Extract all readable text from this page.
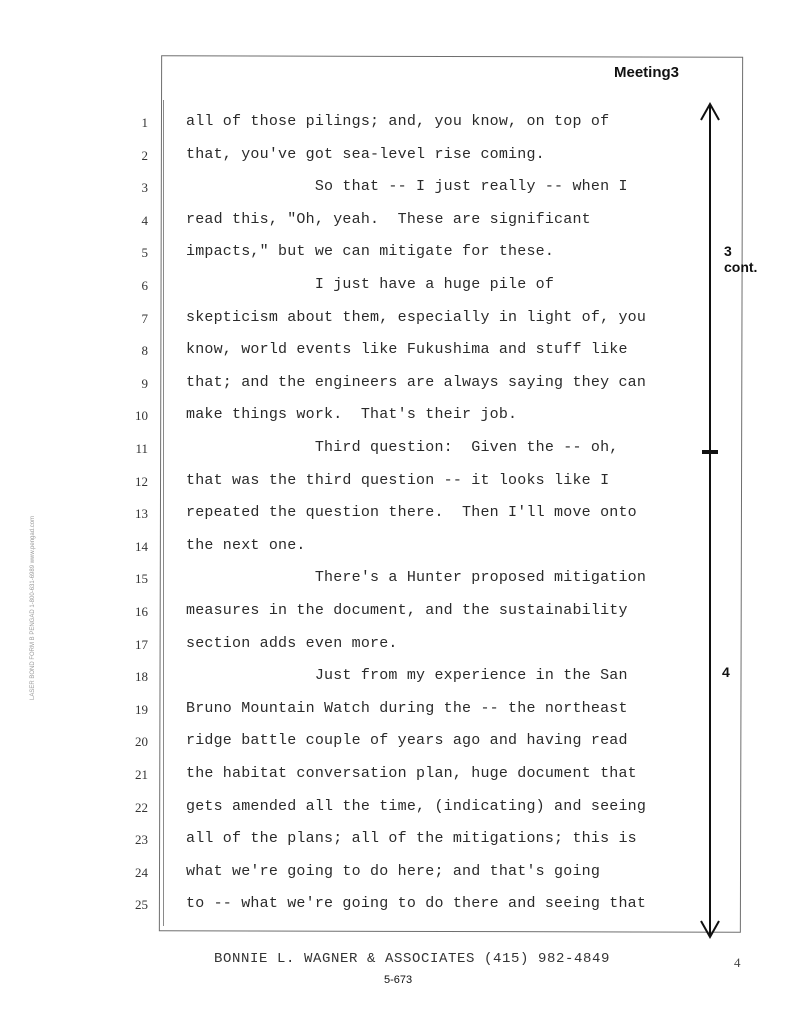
Meeting3
LASER BOND FORM B PENGAD 1-800-631-6989 www.pengad.com
1	all of those pilings; and, you know, on top of
2	that, you've got sea-level rise coming.
3	So that -- I just really -- when I
4	read this, "Oh, yeah.  These are significant
5	impacts," but we can mitigate for these.
6	I just have a huge pile of
7	skepticism about them, especially in light of, you
8	know, world events like Fukushima and stuff like
9	that; and the engineers are always saying they can
10	make things work.  That's their job.
11	Third question:  Given the -- oh,
12	that was the third question -- it looks like I
13	repeated the question there.  Then I'll move onto
14	the next one.
15	There's a Hunter proposed mitigation
16	measures in the document, and the sustainability
17	section adds even more.
18	Just from my experience in the San
19	Bruno Mountain Watch during the -- the northeast
20	ridge battle couple of years ago and having read
21	the habitat conversation plan, huge document that
22	gets amended all the time, (indicating) and seeing
23	all of the plans; all of the mitigations; this is
24	what we're going to do here; and that's going
25	to -- what we're going to do there and seeing that
3
cont.
4
BONNIE L. WAGNER & ASSOCIATES (415) 982-4849	4
5-673
